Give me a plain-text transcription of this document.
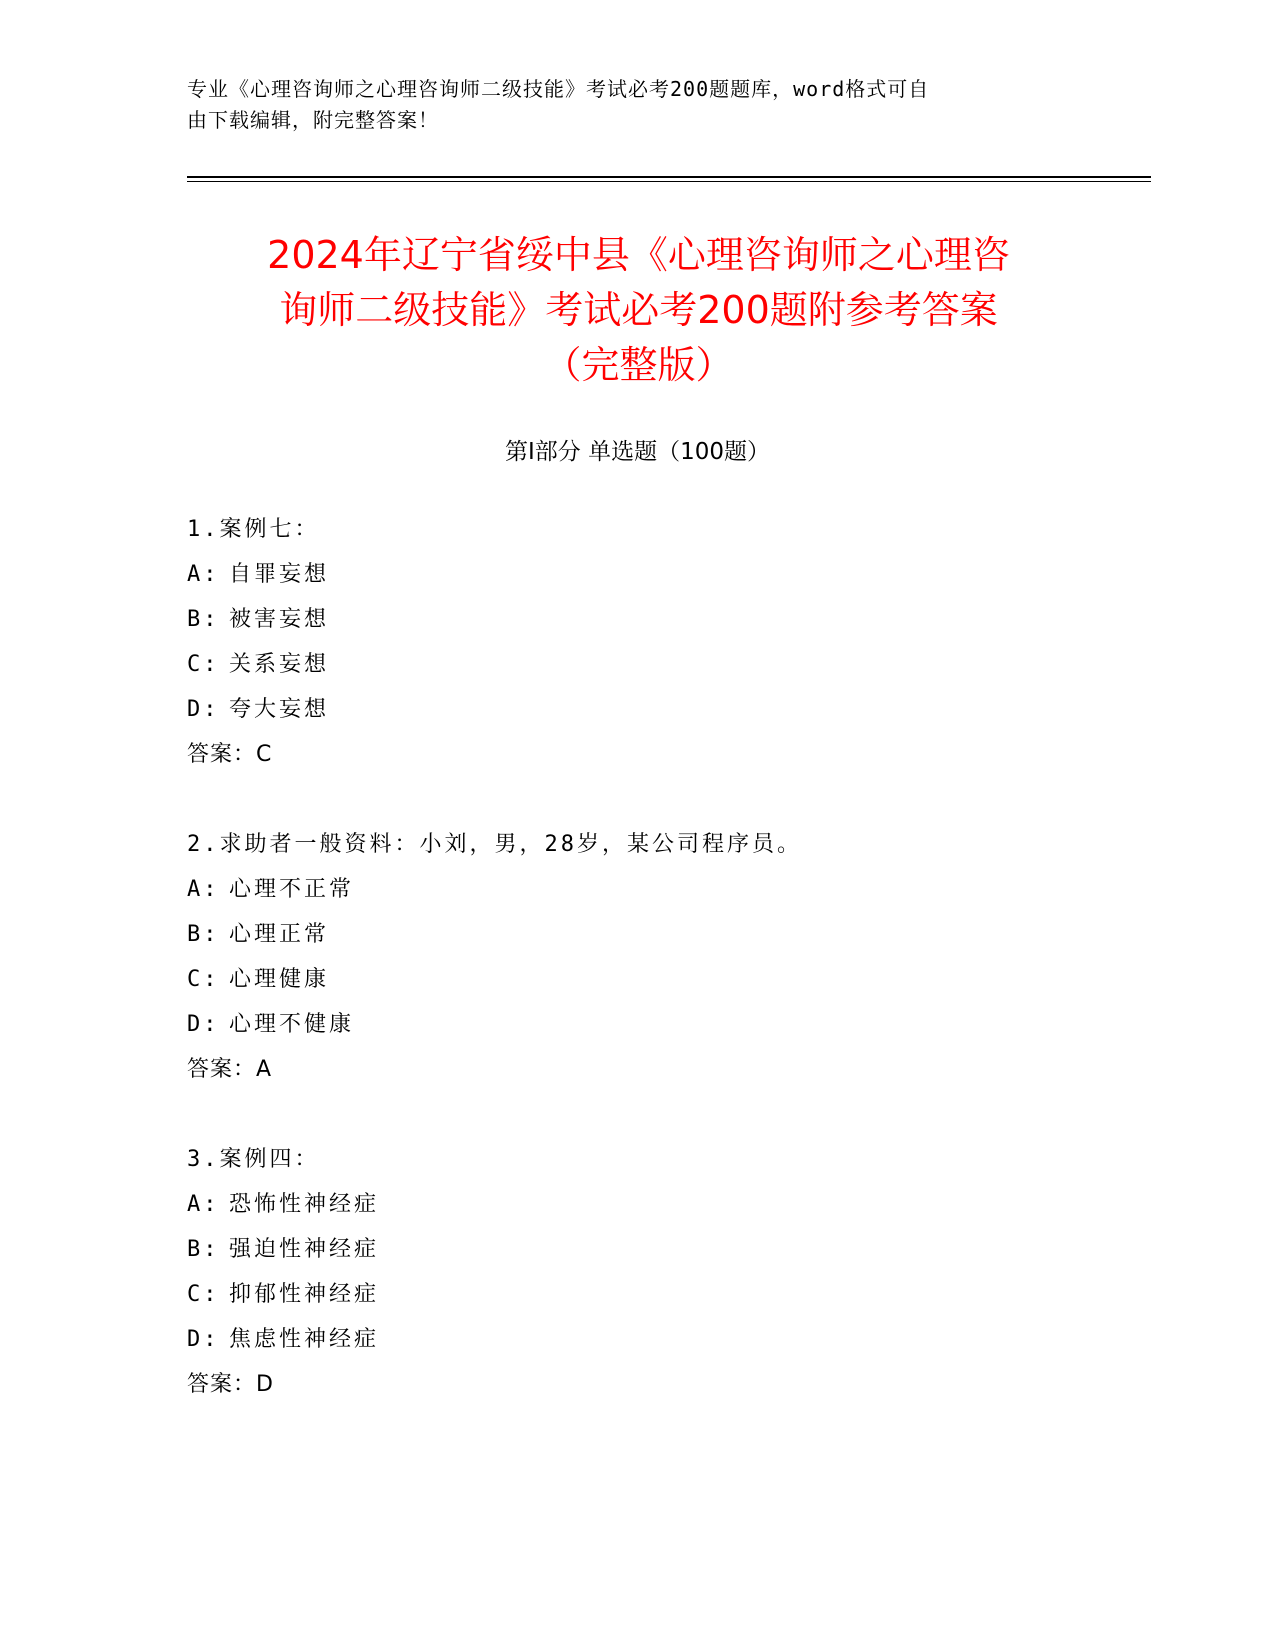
专业《心理咨询师之心理咨询师二级技能》考试必考200题题库，word格式可自
由下载编辑，附完整答案！
2024年辽宁省绥中县《心理咨询师之心理咨
询师二级技能》考试必考200题附参考答案
（完整版）
第Ⅰ部分 单选题（100题）
1.案例七：
A: 自罪妄想
B: 被害妄想
C: 关系妄想
D: 夸大妄想
答案：C
2.求助者一般资料：小刘，男，28岁，某公司程序员。
A: 心理不正常
B: 心理正常
C: 心理健康
D: 心理不健康
答案：A
3.案例四：
A: 恐怖性神经症
B: 强迫性神经症
C: 抑郁性神经症
D: 焦虑性神经症
答案：D
